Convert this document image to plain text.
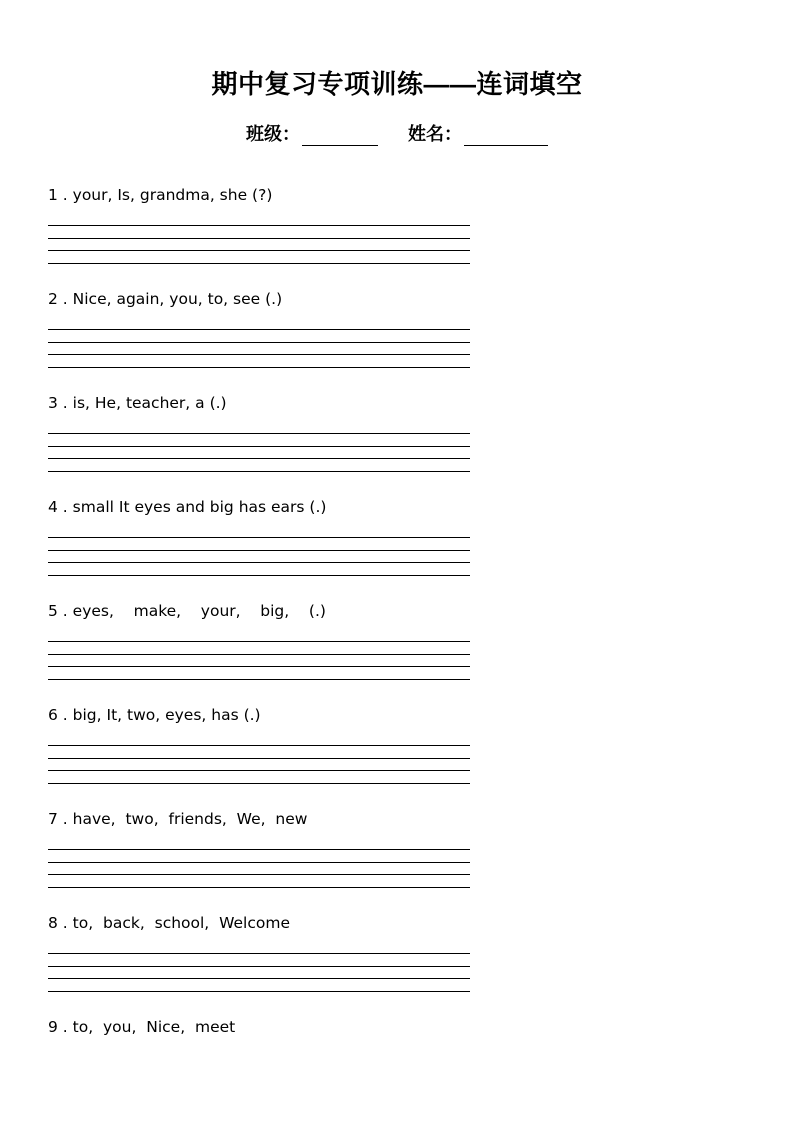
期中复习专项训练——连词填空
班级：	姓名：
1 . your, Is, grandma, she (?)
2 . Nice, again, you, to, see (.)
3 . is, He, teacher, a (.)
4 . small It eyes and big has ears (.)
5 . eyes,    make,    your,    big,    (.)
6 . big, It, two, eyes, has (.)
7 . have,  two,  friends,  We,  new
8 . to,  back,  school,  Welcome
9 . to,  you,  Nice,  meet
